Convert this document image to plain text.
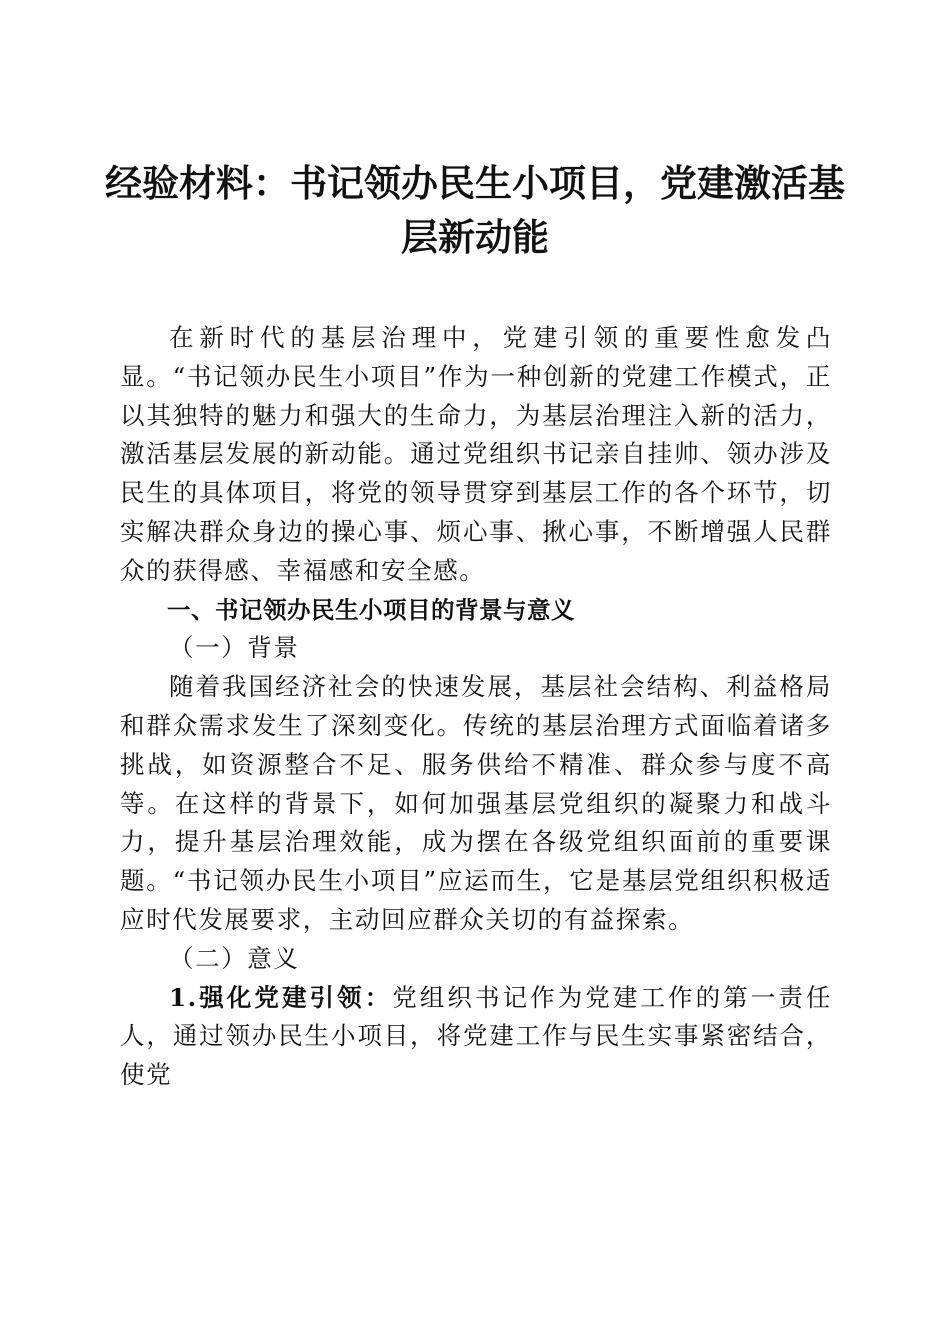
经验材料：书记领办民生小项目，党建激活基层新动能

在新时代的基层治理中，党建引领的重要性愈发凸显。“书记领办民生小项目”作为一种创新的党建工作模式，正以其独特的魅力和强大的生命力，为基层治理注入新的活力，激活基层发展的新动能。通过党组织书记亲自挂帅、领办涉及民生的具体项目，将党的领导贯穿到基层工作的各个环节，切实解决群众身边的操心事、烦心事、揪心事，不断增强人民群众的获得感、幸福感和安全感。

一、书记领办民生小项目的背景与意义

（一）背景

随着我国经济社会的快速发展，基层社会结构、利益格局和群众需求发生了深刻变化。传统的基层治理方式面临着诸多挑战，如资源整合不足、服务供给不精准、群众参与度不高等。在这样的背景下，如何加强基层党组织的凝聚力和战斗力，提升基层治理效能，成为摆在各级党组织面前的重要课题。“书记领办民生小项目”应运而生，它是基层党组织积极适应时代发展要求，主动回应群众关切的有益探索。

（二）意义

1.强化党建引领：党组织书记作为党建工作的第一责任人，通过领办民生小项目，将党建工作与民生实事紧密结合，使党
